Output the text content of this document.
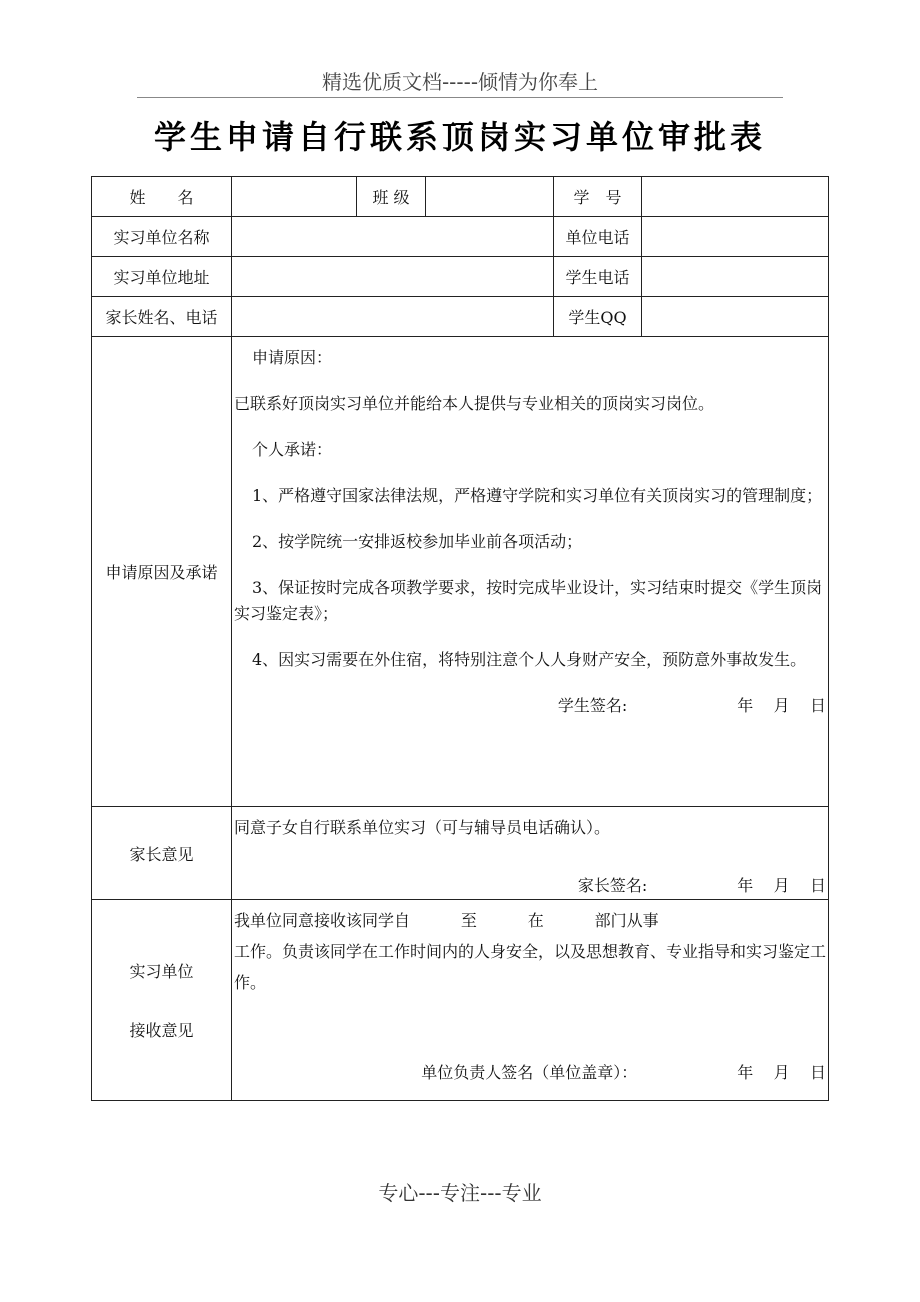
精选优质文档-----倾情为你奉上
学生申请自行联系顶岗实习单位审批表
姓　　名		班 级		学　号	
实习单位名称				单位电话	
实习单位地址				学生电话	
家长姓名、电话				学生QQ	
申请原因及承诺	

申请原因：

已联系好顶岗实习单位并能给本人提供与专业相关的顶岗实习岗位。

个人承诺：

1、严格遵守国家法律法规，严格遵守学院和实习单位有关顶岗实习的管理制度；

2、按学院统一安排返校参加毕业前各项活动；

3、保证按时完成各项教学要求，按时完成毕业设计，实习结束时提交《学生顶岗实习鉴定表》；

4、因实习需要在外住宿，将特别注意个人人身财产安全，预防意外事故发生。

学生签名:	年    月    日

家长意见	同意子女自行联系单位实习（可与辅导员电话确认）。

家长签名: 年    月    日				

实习单位
接收意见

我单位同意接收该同学自          至          在          部门从事

工作。负责该同学在工作时间内的人身安全，以及思想教育、专业指导和实习鉴定工作。

单位负责人签名（单位盖章）：	年    月    日
专心---专注---专业
